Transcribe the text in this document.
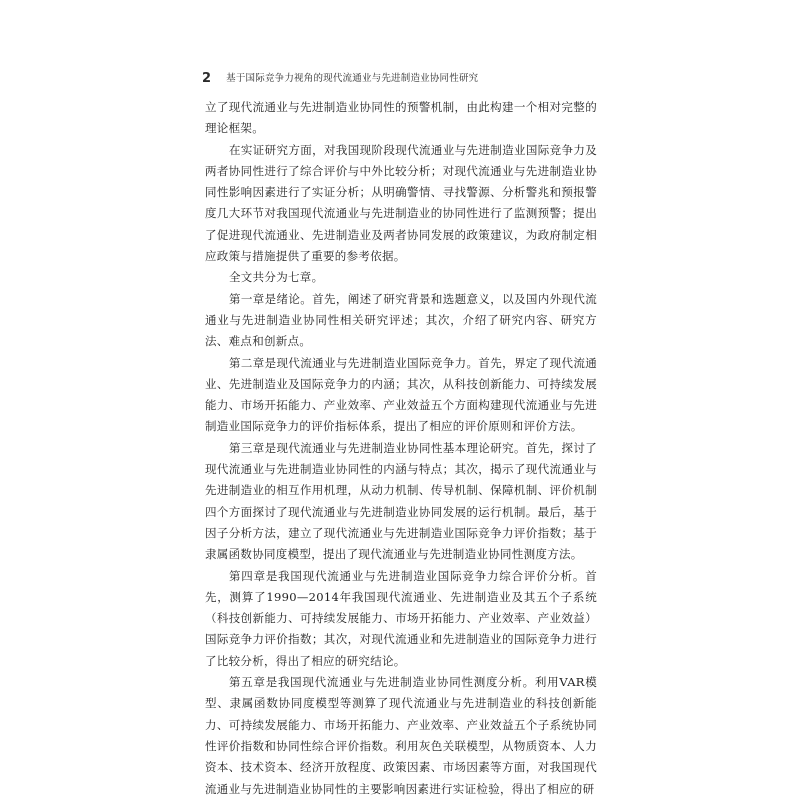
2 基于国际竞争力视角的现代流通业与先进制造业协同性研究

立了现代流通业与先进制造业协同性的预警机制，由此构建一个相对完整的理论框架。

在实证研究方面，对我国现阶段现代流通业与先进制造业国际竞争力及两者协同性进行了综合评价与中外比较分析；对现代流通业与先进制造业协同性影响因素进行了实证分析；从明确警情、寻找警源、分析警兆和预报警度几大环节对我国现代流通业与先进制造业的协同性进行了监测预警；提出了促进现代流通业、先进制造业及两者协同发展的政策建议，为政府制定相应政策与措施提供了重要的参考依据。

全文共分为七章。

第一章是绪论。首先，阐述了研究背景和选题意义，以及国内外现代流通业与先进制造业协同性相关研究评述；其次，介绍了研究内容、研究方法、难点和创新点。

第二章是现代流通业与先进制造业国际竞争力。首先，界定了现代流通业、先进制造业及国际竞争力的内涵；其次，从科技创新能力、可持续发展能力、市场开拓能力、产业效率、产业效益五个方面构建现代流通业与先进制造业国际竞争力的评价指标体系，提出了相应的评价原则和评价方法。

第三章是现代流通业与先进制造业协同性基本理论研究。首先，探讨了现代流通业与先进制造业协同性的内涵与特点；其次，揭示了现代流通业与先进制造业的相互作用机理，从动力机制、传导机制、保障机制、评价机制四个方面探讨了现代流通业与先进制造业协同发展的运行机制。最后，基于因子分析方法，建立了现代流通业与先进制造业国际竞争力评价指数；基于隶属函数协同度模型，提出了现代流通业与先进制造业协同性测度方法。

第四章是我国现代流通业与先进制造业国际竞争力综合评价分析。首先，测算了1990—2014年我国现代流通业、先进制造业及其五个子系统（科技创新能力、可持续发展能力、市场开拓能力、产业效率、产业效益）国际竞争力评价指数；其次，对现代流通业和先进制造业的国际竞争力进行了比较分析，得出了相应的研究结论。

第五章是我国现代流通业与先进制造业协同性测度分析。利用VAR模型、隶属函数协同度模型等测算了现代流通业与先进制造业的科技创新能力、可持续发展能力、市场开拓能力、产业效率、产业效益五个子系统协同性评价指数和协同性综合评价指数。利用灰色关联模型，从物质资本、人力资本、技术资本、经济开放程度、政策因素、市场因素等方面，对我国现代流通业与先进制造业协同性的主要影响因素进行实证检验，得出了相应的研
